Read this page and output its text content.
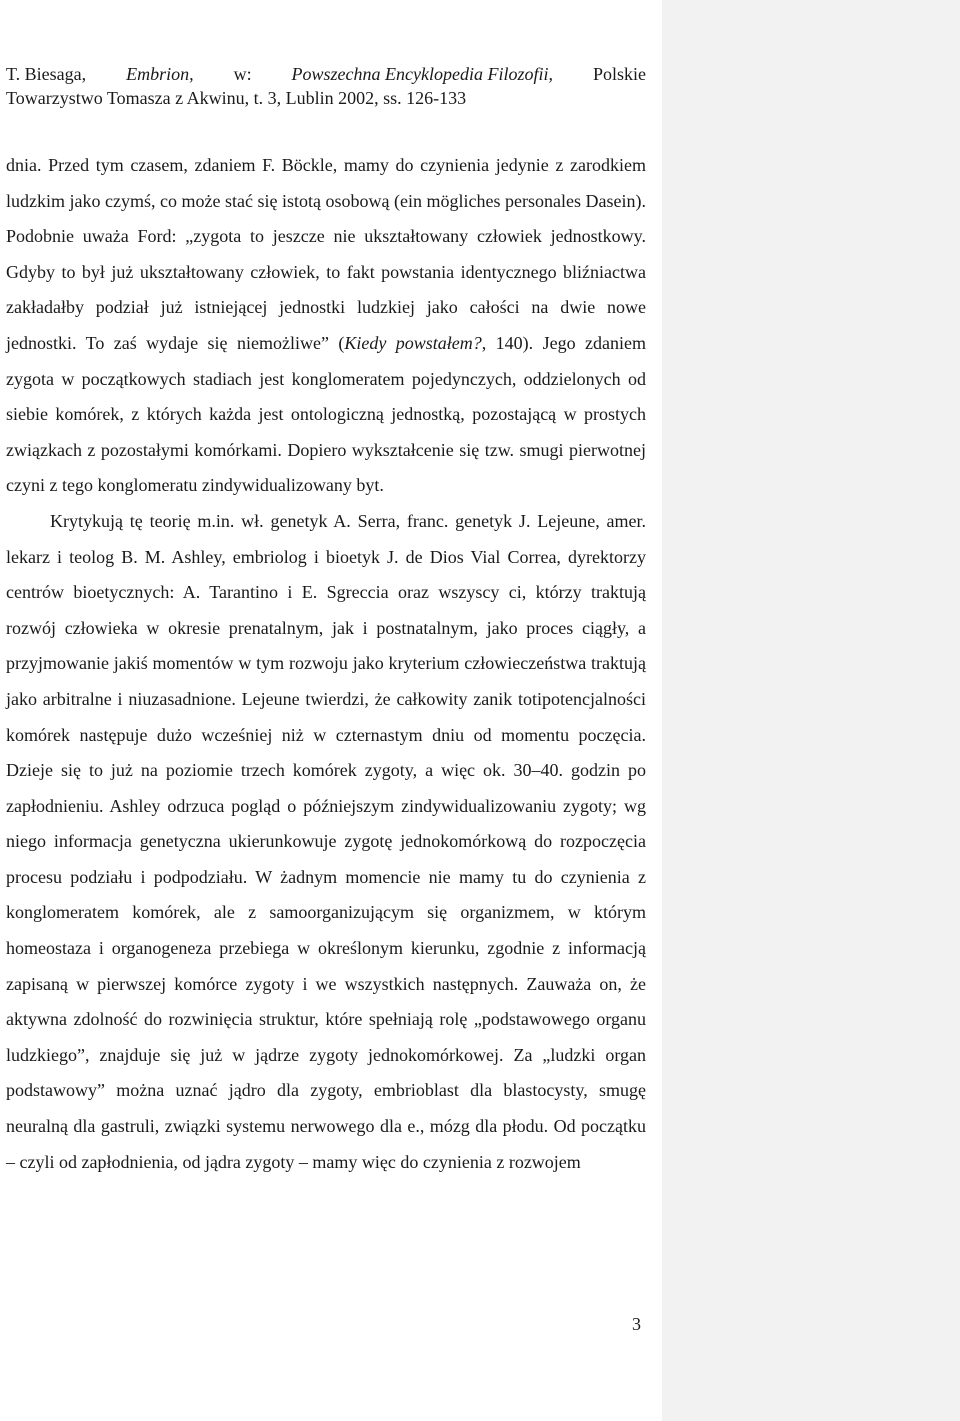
T. Biesaga, Embrion, w: Powszechna Encyklopedia Filozofii, Polskie
Towarzystwo Tomasza z Akwinu, t. 3, Lublin 2002, ss. 126-133

dnia. Przed tym czasem, zdaniem F. Böckle, mamy do czynienia jedynie z zarodkiem ludzkim jako czymś, co może stać się istotą osobową (ein mögliches personales Dasein). Podobnie uważa Ford: „zygota to jeszcze nie ukształtowany człowiek jednostkowy. Gdyby to był już ukształtowany człowiek, to fakt powstania identycznego bliźniactwa zakładałby podział już istniejącej jednostki ludzkiej jako całości na dwie nowe jednostki. To zaś wydaje się niemożliwe” (Kiedy powstałem?, 140). Jego zdaniem zygota w początkowych stadiach jest konglomeratem pojedynczych, oddzielonych od siebie komórek, z których każda jest ontologiczną jednostką, pozostającą w prostych związkach z pozostałymi komórkami. Dopiero wykształcenie się tzw. smugi pierwotnej czyni z tego konglomeratu zindywidualizowany byt.

Krytykują tę teorię m.in. wł. genetyk A. Serra, franc. genetyk J. Lejeune, amer. lekarz i teolog B. M. Ashley, embriolog i bioetyk J. de Dios Vial Correa, dyrektorzy centrów bioetycznych: A. Tarantino i E. Sgreccia oraz wszyscy ci, którzy traktują rozwój człowieka w okresie prenatalnym, jak i postnatalnym, jako proces ciągły, a przyjmowanie jakiś momentów w tym rozwoju jako kryterium człowieczeństwa traktują jako arbitralne i niuzasadnione. Lejeune twierdzi, że całkowity zanik totipotencjalności komórek następuje dużo wcześniej niż w czternastym dniu od momentu poczęcia. Dzieje się to już na poziomie trzech komórek zygoty, a więc ok. 30–40. godzin po zapłodnieniu. Ashley odrzuca pogląd o późniejszym zindywidualizowaniu zygoty; wg niego informacja genetyczna ukierunkowuje zygotę jednokomórkową do rozpoczęcia procesu podziału i podpodziału. W żadnym momencie nie mamy tu do czynienia z konglomeratem komórek, ale z samoorganizującym się organizmem, w którym homeostaza i organogeneza przebiega w określonym kierunku, zgodnie z informacją zapisaną w pierwszej komórce zygoty i we wszystkich następnych. Zauważa on, że aktywna zdolność do rozwinięcia struktur, które spełniają rolę „podstawowego organu ludzkiego”, znajduje się już w jądrze zygoty jednokomórkowej. Za „ludzki organ podstawowy” można uznać jądro dla zygoty, embrioblast dla blastocysty, smugę neuralną dla gastruli, związki systemu nerwowego dla e., mózg dla płodu. Od początku – czyli od zapłodnienia, od jądra zygoty – mamy więc do czynienia z rozwojem

3
